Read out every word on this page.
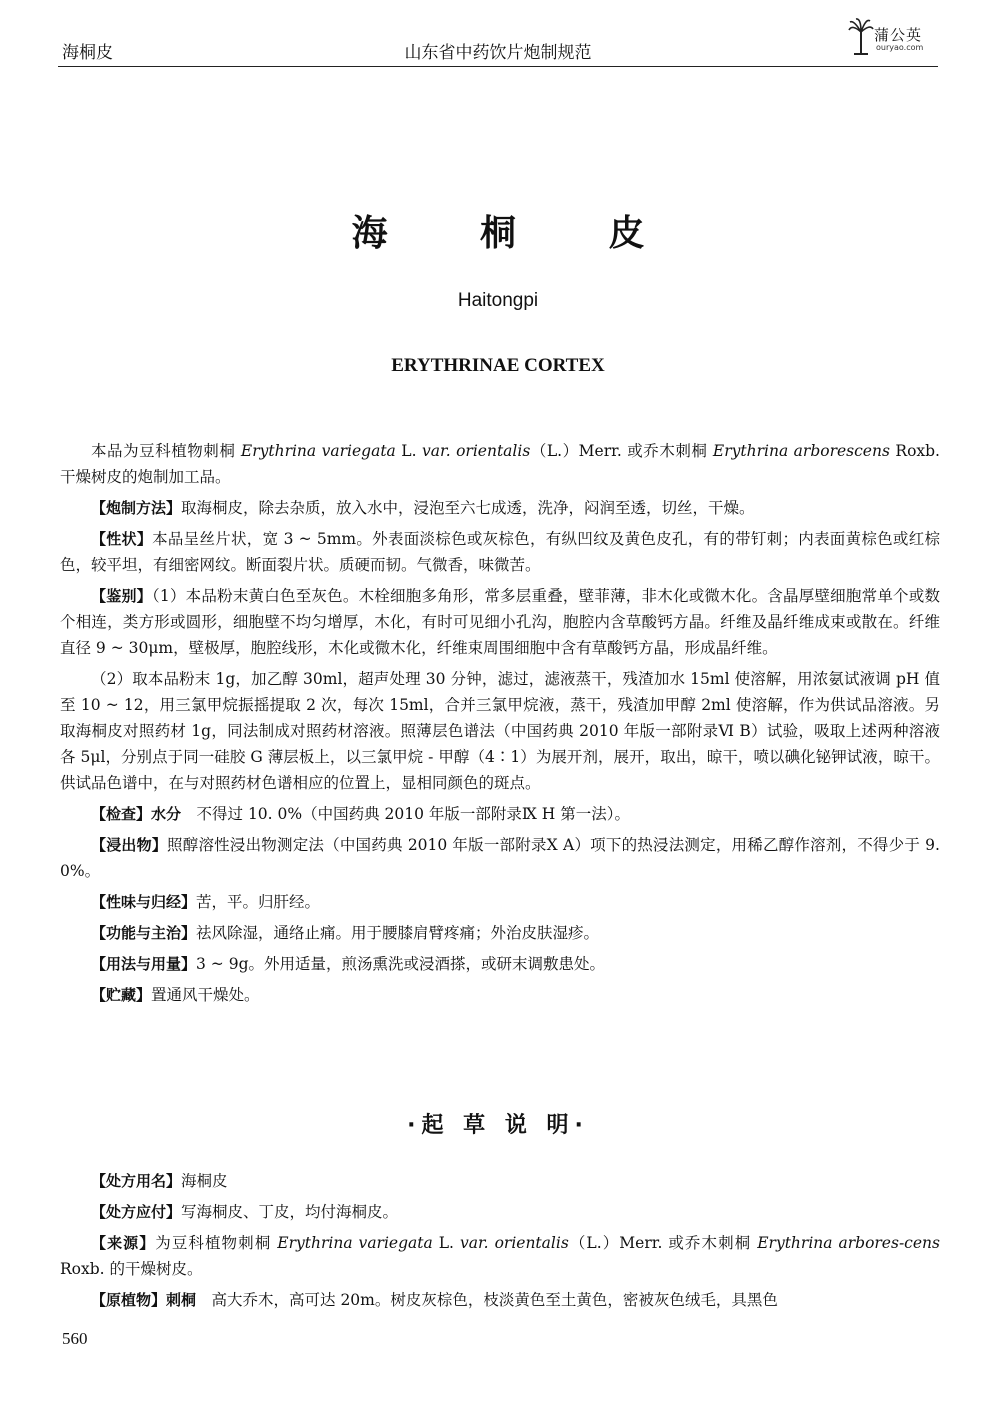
海桐皮	山东省中药饮片炮制规范
蒲公英
ouryao.com
海 桐 皮
Haitongpi
ERYTHRINAE CORTEX

本品为豆科植物刺桐 Erythrina variegata L. var. orientalis（L.）Merr. 或乔木刺桐 Erythrina arborescens Roxb. 干燥树皮的炮制加工品。

【炮制方法】取海桐皮，除去杂质，放入水中，浸泡至六七成透，洗净，闷润至透，切丝，干燥。

【性状】本品呈丝片状，宽 3 ~ 5mm。外表面淡棕色或灰棕色，有纵凹纹及黄色皮孔，有的带钉刺；内表面黄棕色或红棕色，较平坦，有细密网纹。断面裂片状。质硬而韧。气微香，味微苦。

【鉴别】（1）本品粉末黄白色至灰色。木栓细胞多角形，常多层重叠，壁菲薄，非木化或微木化。含晶厚壁细胞常单个或数个相连，类方形或圆形，细胞壁不均匀增厚，木化，有时可见细小孔沟，胞腔内含草酸钙方晶。纤维及晶纤维成束或散在。纤维直径 9 ~ 30μm，壁极厚，胞腔线形，木化或微木化，纤维束周围细胞中含有草酸钙方晶，形成晶纤维。

（2）取本品粉末 1g，加乙醇 30ml，超声处理 30 分钟，滤过，滤液蒸干，残渣加水 15ml 使溶解，用浓氨试液调 pH 值至 10 ~ 12，用三氯甲烷振摇提取 2 次，每次 15ml，合并三氯甲烷液，蒸干，残渣加甲醇 2ml 使溶解，作为供试品溶液。另取海桐皮对照药材 1g，同法制成对照药材溶液。照薄层色谱法（中国药典 2010 年版一部附录Ⅵ B）试验，吸取上述两种溶液各 5μl，分别点于同一硅胶 G 薄层板上，以三氯甲烷 - 甲醇（4∶1）为展开剂，展开，取出，晾干，喷以碘化铋钾试液，晾干。供试品色谱中，在与对照药材色谱相应的位置上，显相同颜色的斑点。

【检查】水分　不得过 10. 0%（中国药典 2010 年版一部附录Ⅸ H 第一法）。

【浸出物】照醇溶性浸出物测定法（中国药典 2010 年版一部附录Ⅹ A）项下的热浸法测定，用稀乙醇作溶剂，不得少于 9. 0%。

【性味与归经】苦，平。归肝经。

【功能与主治】祛风除湿，通络止痛。用于腰膝肩臂疼痛；外治皮肤湿疹。

【用法与用量】3 ~ 9g。外用适量，煎汤熏洗或浸酒搽，或研末调敷患处。

【贮藏】置通风干燥处。

·起 草 说 明·

【处方用名】海桐皮

【处方应付】写海桐皮、丁皮，均付海桐皮。

【来源】为豆科植物刺桐 Erythrina variegata L. var. orientalis（L.）Merr. 或乔木刺桐 Erythrina arbores-cens Roxb. 的干燥树皮。

【原植物】刺桐　高大乔木，高可达 20m。树皮灰棕色，枝淡黄色至土黄色，密被灰色绒毛，具黑色

560
